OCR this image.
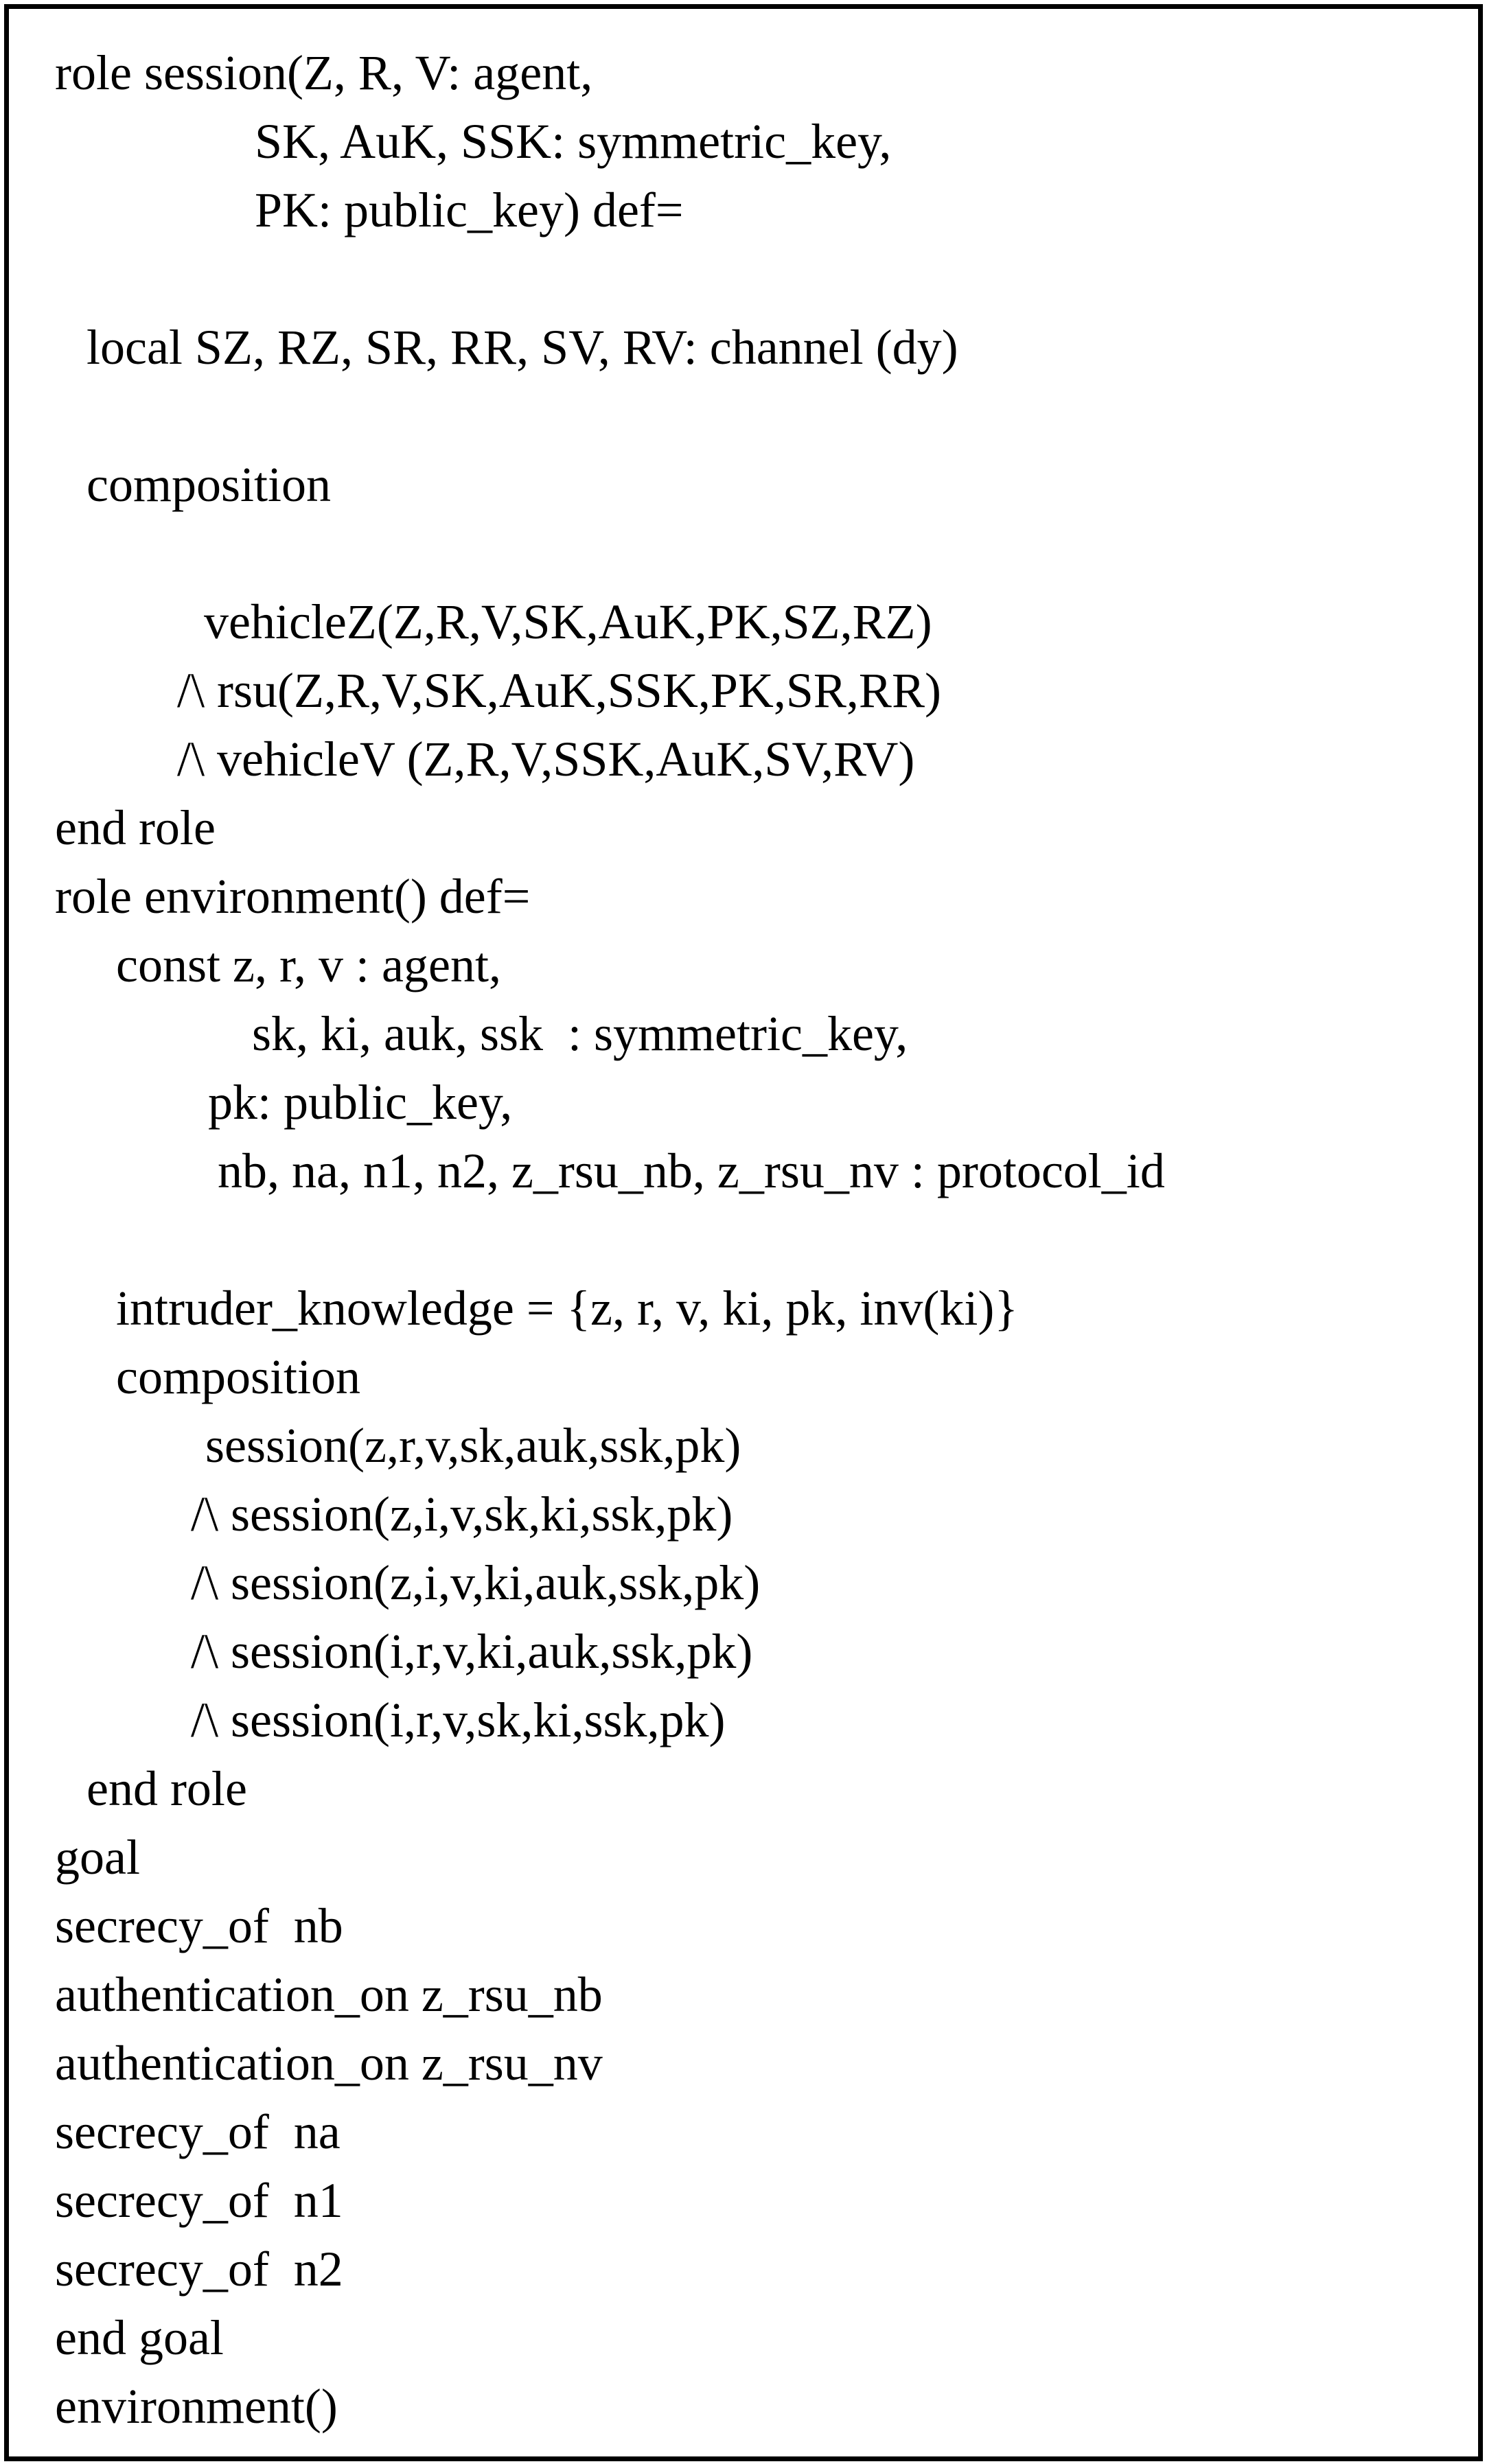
role session(Z, R, V: agent,

SK, AuK, SSK: symmetric_key,

PK: public_key) def=

local SZ, RZ, SR, RR, SV, RV: channel (dy)

composition

vehicleZ(Z,R,V,SK,AuK,PK,SZ,RZ)

/\ rsu(Z,R,V,SK,AuK,SSK,PK,SR,RR)

/\ vehicleV (Z,R,V,SSK,AuK,SV,RV)

end role

role environment() def=

const z, r, v : agent,

sk, ki, auk, ssk  : symmetric_key,

pk: public_key,

nb, na, n1, n2, z_rsu_nb, z_rsu_nv : protocol_id

intruder_knowledge = {z, r, v, ki, pk, inv(ki)}

composition

session(z,r,v,sk,auk,ssk,pk)

/\ session(z,i,v,sk,ki,ssk,pk)

/\ session(z,i,v,ki,auk,ssk,pk)

/\ session(i,r,v,ki,auk,ssk,pk)

/\ session(i,r,v,sk,ki,ssk,pk)

end role

goal

secrecy_of  nb

authentication_on z_rsu_nb

authentication_on z_rsu_nv

secrecy_of  na

secrecy_of  n1

secrecy_of  n2

end goal

environment()
